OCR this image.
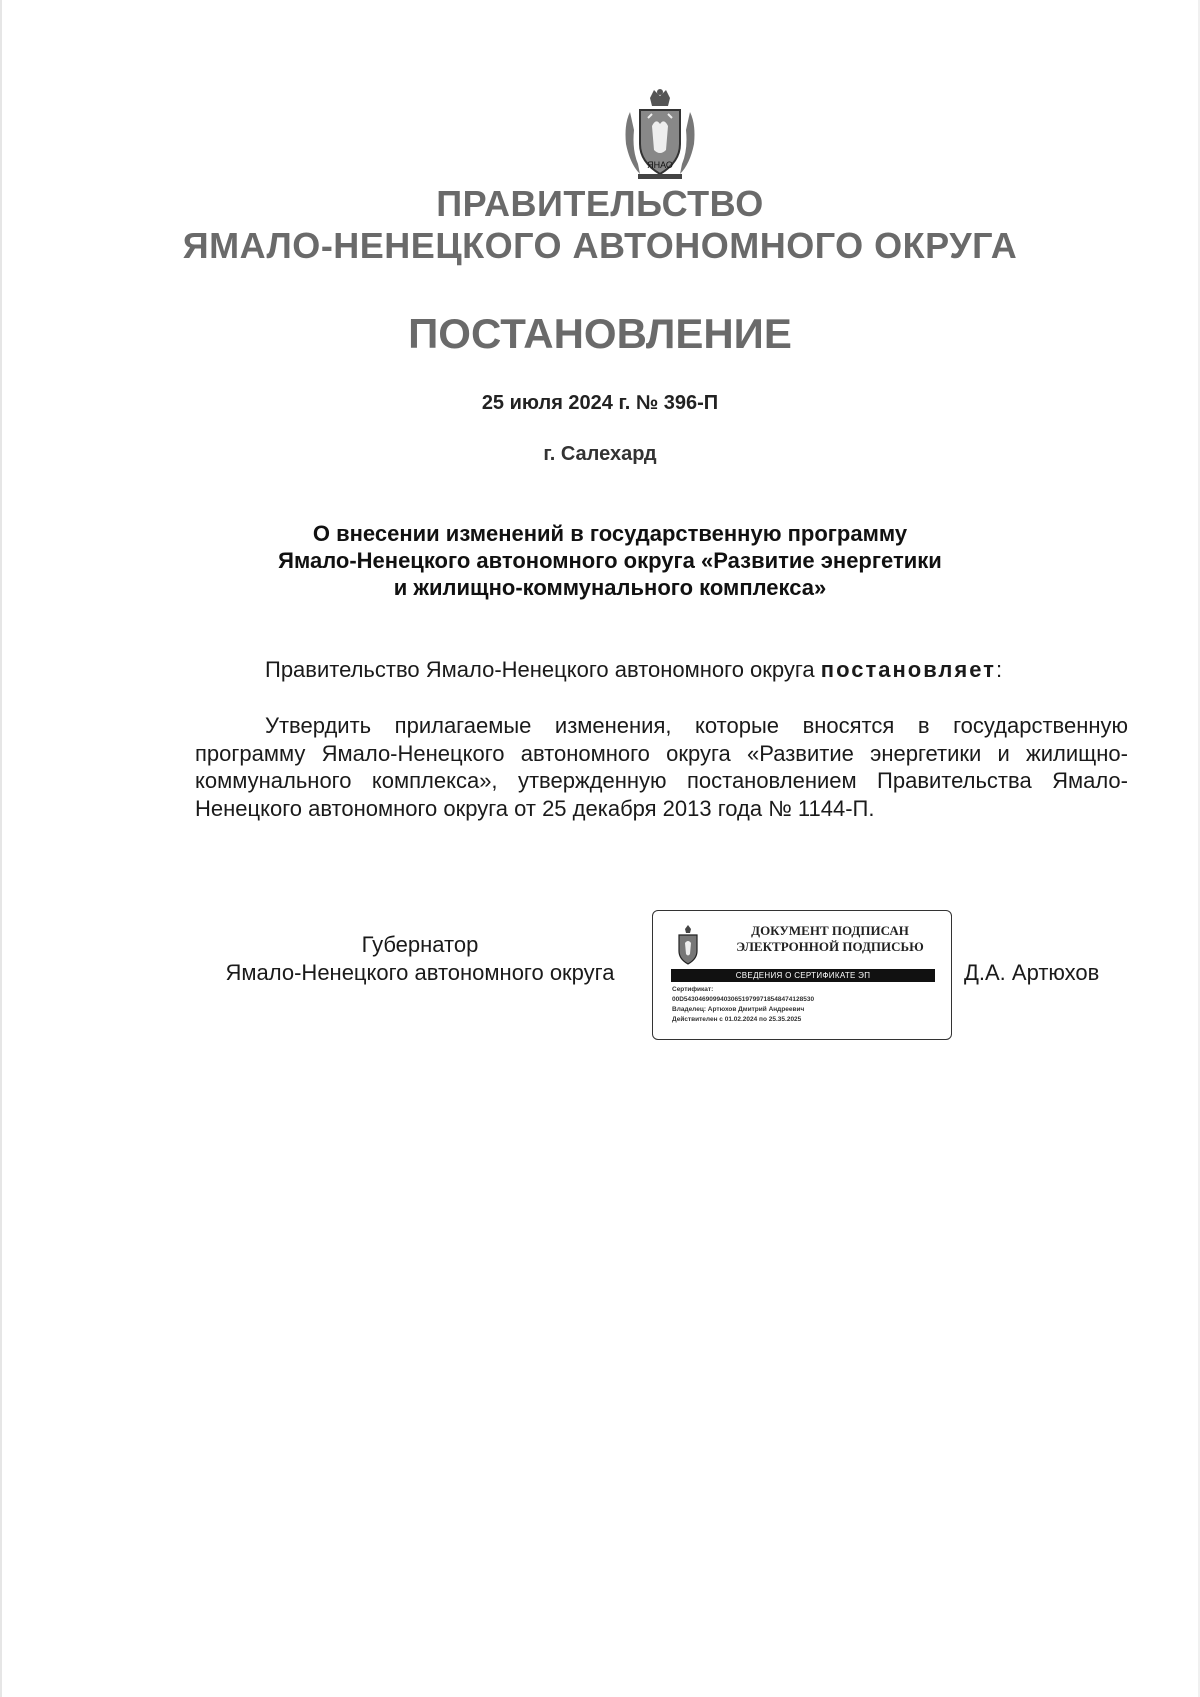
ЯНАО
ПРАВИТЕЛЬСТВО
ЯМАЛО-НЕНЕЦКОГО АВТОНОМНОГО ОКРУГА
ПОСТАНОВЛЕНИЕ
25 июля 2024 г. № 396-П
г. Салехард
О внесении изменений в государственную программу
Ямало-Ненецкого автономного округа «Развитие энергетики
и жилищно-коммунального комплекса»
Правительство Ямало-Ненецкого автономного округа постановляет:
Утвердить прилагаемые изменения, которые вносятся в государственную программу Ямало-Ненецкого автономного округа «Развитие энергетики и жилищно-коммунального комплекса», утвержденную постановлением Правительства Ямало-Ненецкого автономного округа от 25 декабря 2013 года № 1144-П.
Губернатор
Ямало-Ненецкого автономного округа
ДОКУМЕНТ ПОДПИСАН
ЭЛЕКТРОННОЙ ПОДПИСЬЮ
СВЕДЕНИЯ О СЕРТИФИКАТЕ ЭП
Сертификат:
00D543046909940306519799718548474128530
Владелец: Артюхов Дмитрий Андреевич
Действителен с 01.02.2024 по 25.35.2025
Д.А. Артюхов
